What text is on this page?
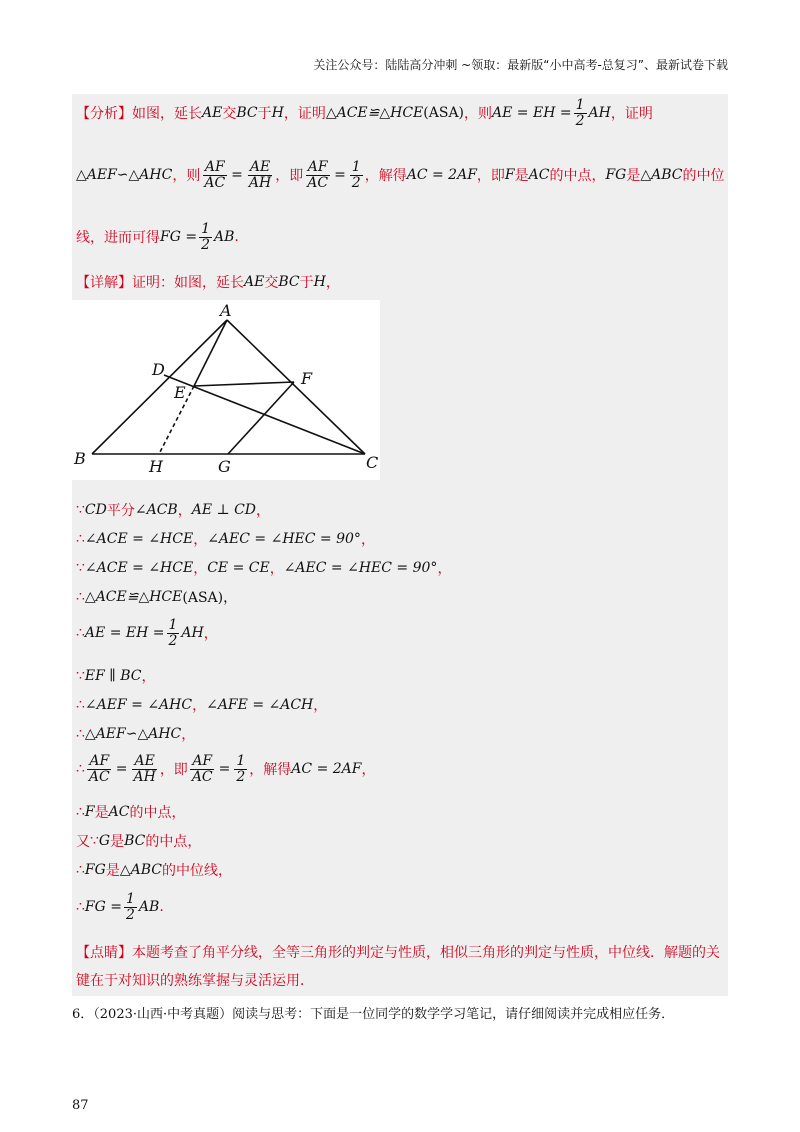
关注公众号：陆陆高分冲刺 ~领取：最新版“小中高考-总复习”、最新试卷下载
【分析】 如图，延长 AE 交 BC 于 H ，证明 △ACE≌△HCE (ASA) ，则 AE = EH = $\frac{1}{2}$ AH ，证明
△AEF∽△AHC ，则 $\frac{AF}{AC} = \frac{AE}{AH}$ ，即 $\frac{AF}{AC} = \frac{1}{2}$ ，解得 AC = 2AF ，即 F 是 AC 的中点， FG 是 △ABC 的中位
线，进而可得 FG = $\frac{1}{2}$ AB .
【详解】 证明：如图，延长 AE 交 BC 于 H ，
A
B	C
D
E
F
G
H
∵ CD 平分 ∠ACB ， AE ⊥ CD ，
∴ ∠ACE = ∠HCE ， ∠AEC = ∠HEC = 90° ，
∵ ∠ACE = ∠HCE ， CE = CE ， ∠AEC = ∠HEC = 90° ，
∴ △ACE≌△HCE (ASA)，
∴ AE = EH = $\frac{1}{2}$ AH ，
∵ EF ∥ BC ，
∴ ∠AEF = ∠AHC ， ∠AFE = ∠ACH ，
∴ △AEF∽△AHC ，
∴ $\frac{AF}{AC} = \frac{AE}{AH}$ ，即 $\frac{AF}{AC} = \frac{1}{2}$ ，解得 AC = 2AF ，
∴ F 是 AC 的中点，
又 ∵ G 是 BC 的中点，
∴ FG 是 △ABC 的中位线，
∴ FG = $\frac{1}{2}$ AB .
【点睛】 本题考查了角平分线，全等三角形的判定与性质，相似三角形的判定与性质，中位线．解题的关
键在于对知识的熟练掌握与灵活运用．
6．（2023·山西·中考真题）阅读与思考：下面是一位同学的数学学习笔记，请仔细阅读并完成相应任务．
87
